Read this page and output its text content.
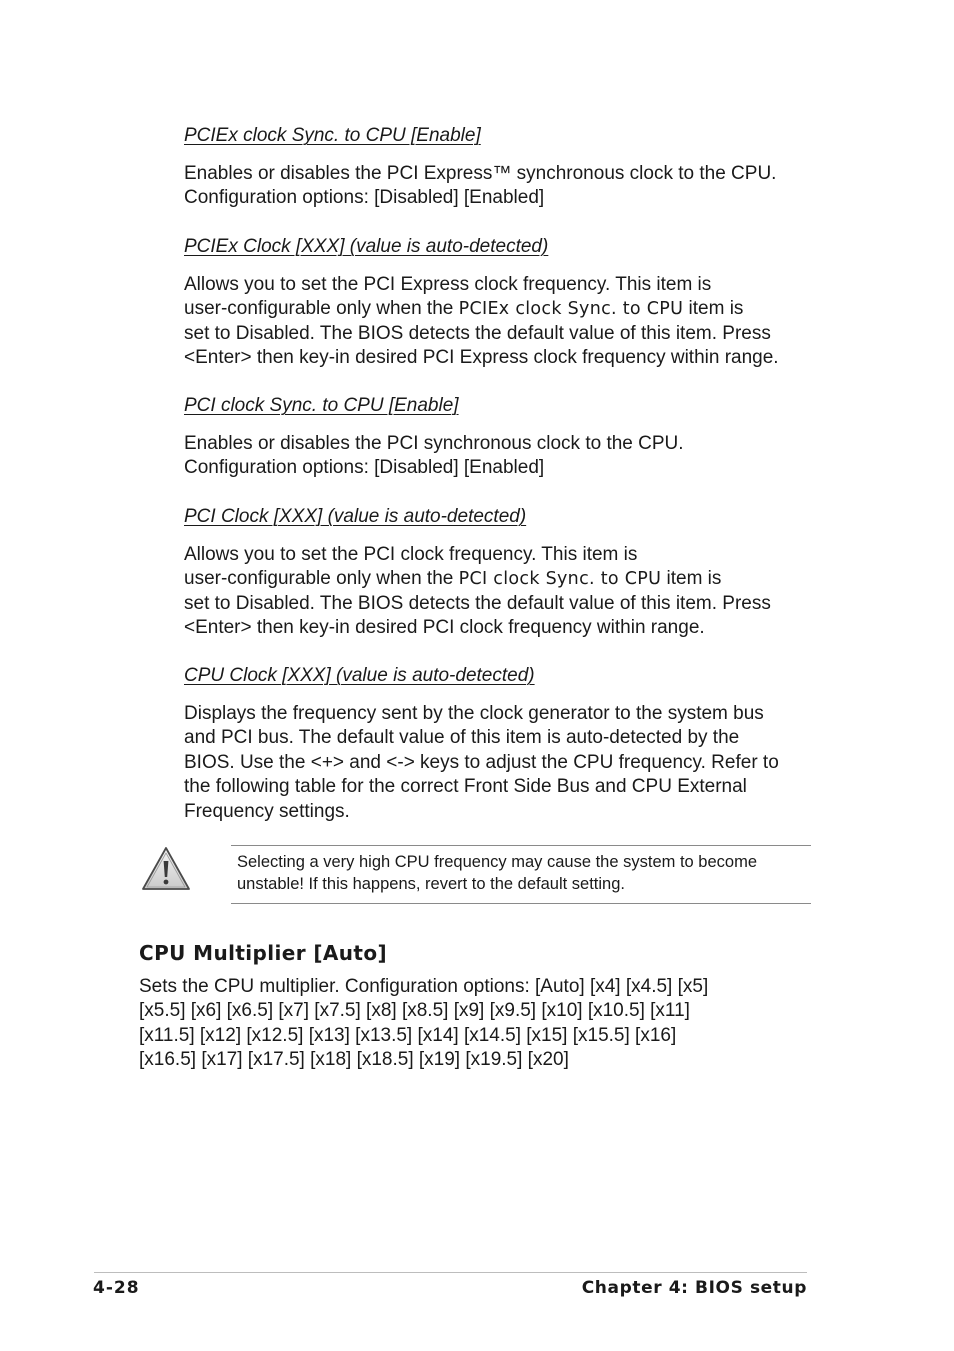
PCIEx clock Sync. to CPU [Enable]

Enables or disables the PCI Express™ synchronous clock to the CPU.

Configuration options: [Disabled] [Enabled]

PCIEx Clock [XXX] (value is auto-detected)

Allows you to set the PCI Express clock frequency. This item is

user-configurable only when the PCIEx clock Sync. to CPU item is

set to Disabled. The BIOS detects the default value of this item. Press

<Enter> then key-in desired PCI Express clock frequency within range.

PCI clock Sync. to CPU [Enable]

Enables or disables the PCI synchronous clock to the CPU.

Configuration options: [Disabled] [Enabled]

PCI Clock [XXX] (value is auto-detected)

Allows you to set the PCI clock frequency. This item is

user-configurable only when the PCI clock Sync. to CPU item is

set to Disabled. The BIOS detects the default value of this item. Press

<Enter> then key-in desired PCI clock frequency within range.

CPU Clock [XXX] (value is auto-detected)

Displays the frequency sent by the clock generator to the system bus

and PCI bus. The default value of this item is auto-detected by the

BIOS. Use the <+> and <-> keys to adjust the CPU frequency. Refer to

the following table for the correct Front Side Bus and CPU External

Frequency settings.

Selecting a very high CPU frequency may cause the system to become

unstable! If this happens, revert to the default setting.

CPU Multiplier [Auto]

Sets the CPU multiplier. Configuration options: [Auto] [x4] [x4.5] [x5]

[x5.5] [x6] [x6.5] [x7] [x7.5] [x8] [x8.5] [x9] [x9.5] [x10] [x10.5] [x11]

[x11.5] [x12] [x12.5] [x13] [x13.5] [x14] [x14.5] [x15] [x15.5] [x16]

[x16.5] [x17] [x17.5] [x18] [x18.5] [x19] [x19.5] [x20]

4-28	Chapter 4: BIOS setup
